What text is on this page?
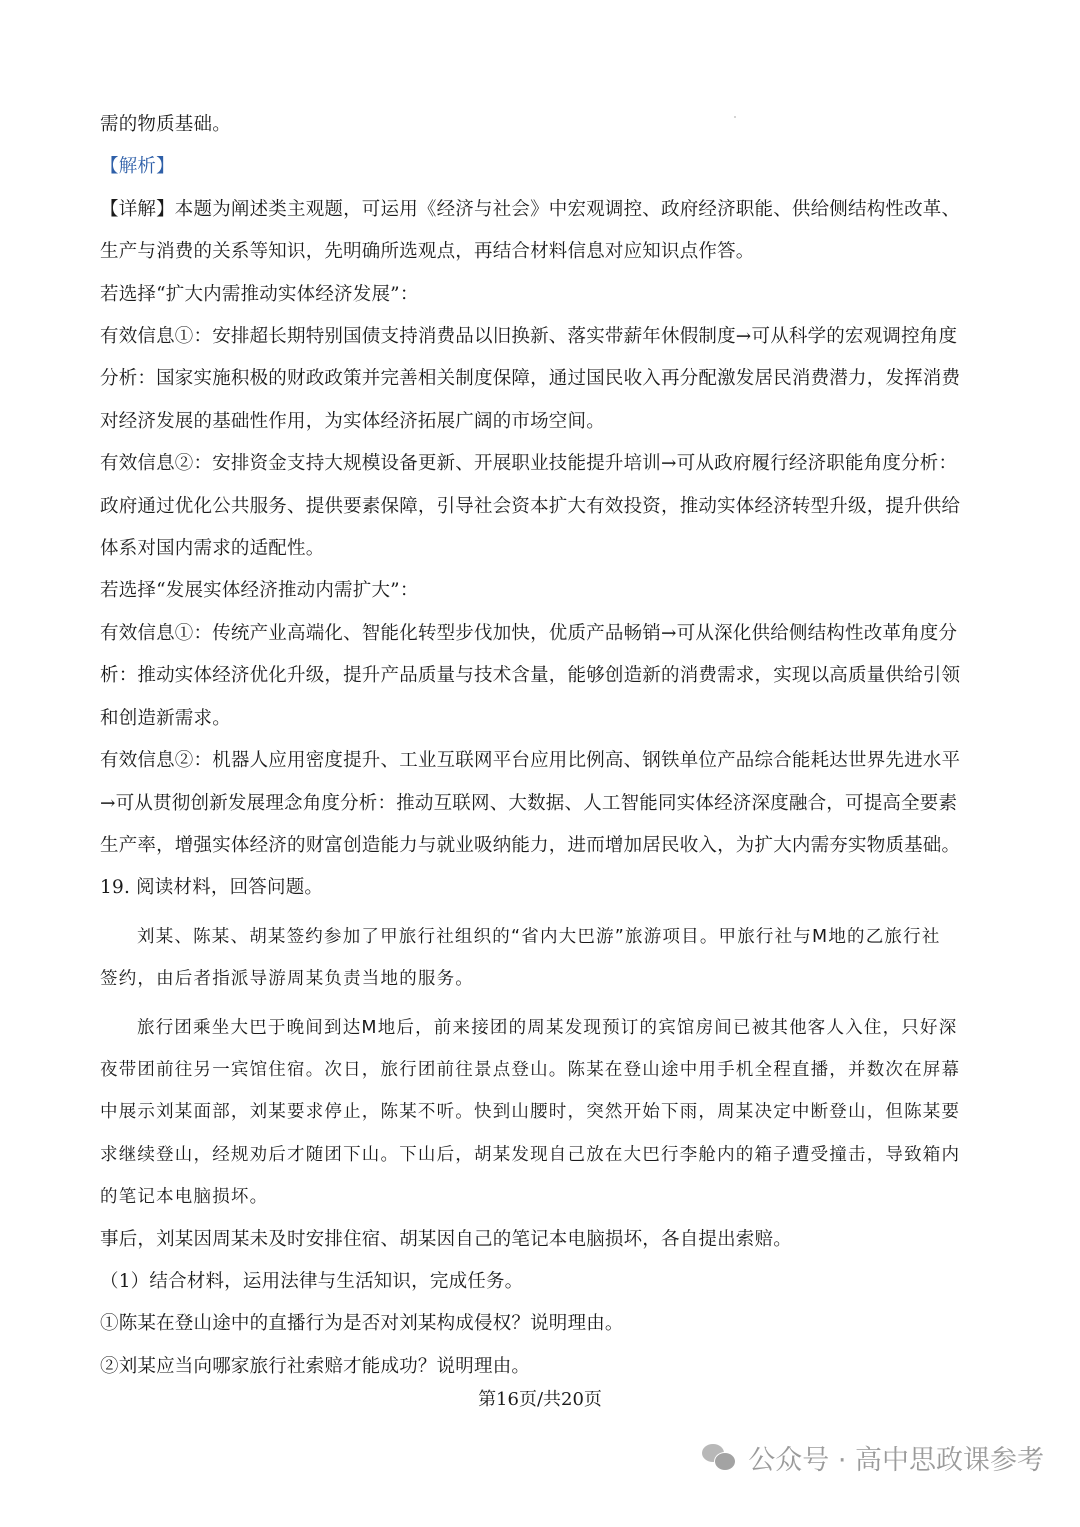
需的物质基础。

【解析】

【详解】本题为阐述类主观题，可运用《经济与社会》中宏观调控、政府经济职能、供给侧结构性改革、

生产与消费的关系等知识，先明确所选观点，再结合材料信息对应知识点作答。

若选择“扩大内需推动实体经济发展”：

有效信息①：安排超长期特别国债支持消费品以旧换新、落实带薪年休假制度→可从科学的宏观调控角度

分析：国家实施积极的财政政策并完善相关制度保障，通过国民收入再分配激发居民消费潜力，发挥消费

对经济发展的基础性作用，为实体经济拓展广阔的市场空间。

有效信息②：安排资金支持大规模设备更新、开展职业技能提升培训→可从政府履行经济职能角度分析：

政府通过优化公共服务、提供要素保障，引导社会资本扩大有效投资，推动实体经济转型升级，提升供给

体系对国内需求的适配性。

若选择“发展实体经济推动内需扩大”：

有效信息①：传统产业高端化、智能化转型步伐加快，优质产品畅销→可从深化供给侧结构性改革角度分

析：推动实体经济优化升级，提升产品质量与技术含量，能够创造新的消费需求，实现以高质量供给引领

和创造新需求。

有效信息②：机器人应用密度提升、工业互联网平台应用比例高、钢铁单位产品综合能耗达世界先进水平

→可从贯彻创新发展理念角度分析：推动互联网、大数据、人工智能同实体经济深度融合，可提高全要素

生产率，增强实体经济的财富创造能力与就业吸纳能力，进而增加居民收入，为扩大内需夯实物质基础。

19. 阅读材料，回答问题。

刘某、陈某、胡某签约参加了甲旅行社组织的“省内大巴游”旅游项目。甲旅行社与M地的乙旅行社

签约，由后者指派导游周某负责当地的服务。

旅行团乘坐大巴于晚间到达M地后，前来接团的周某发现预订的宾馆房间已被其他客人入住，只好深

夜带团前往另一宾馆住宿。次日，旅行团前往景点登山。陈某在登山途中用手机全程直播，并数次在屏幕

中展示刘某面部，刘某要求停止，陈某不听。快到山腰时，突然开始下雨，周某决定中断登山，但陈某要

求继续登山，经规劝后才随团下山。下山后，胡某发现自己放在大巴行李舱内的箱子遭受撞击，导致箱内

的笔记本电脑损坏。

事后，刘某因周某未及时安排住宿、胡某因自己的笔记本电脑损坏，各自提出索赔。

（1）结合材料，运用法律与生活知识，完成任务。

①陈某在登山途中的直播行为是否对刘某构成侵权？说明理由。

②刘某应当向哪家旅行社索赔才能成功？说明理由。

第16页/共20页
公众号 · 高中思政课参考
